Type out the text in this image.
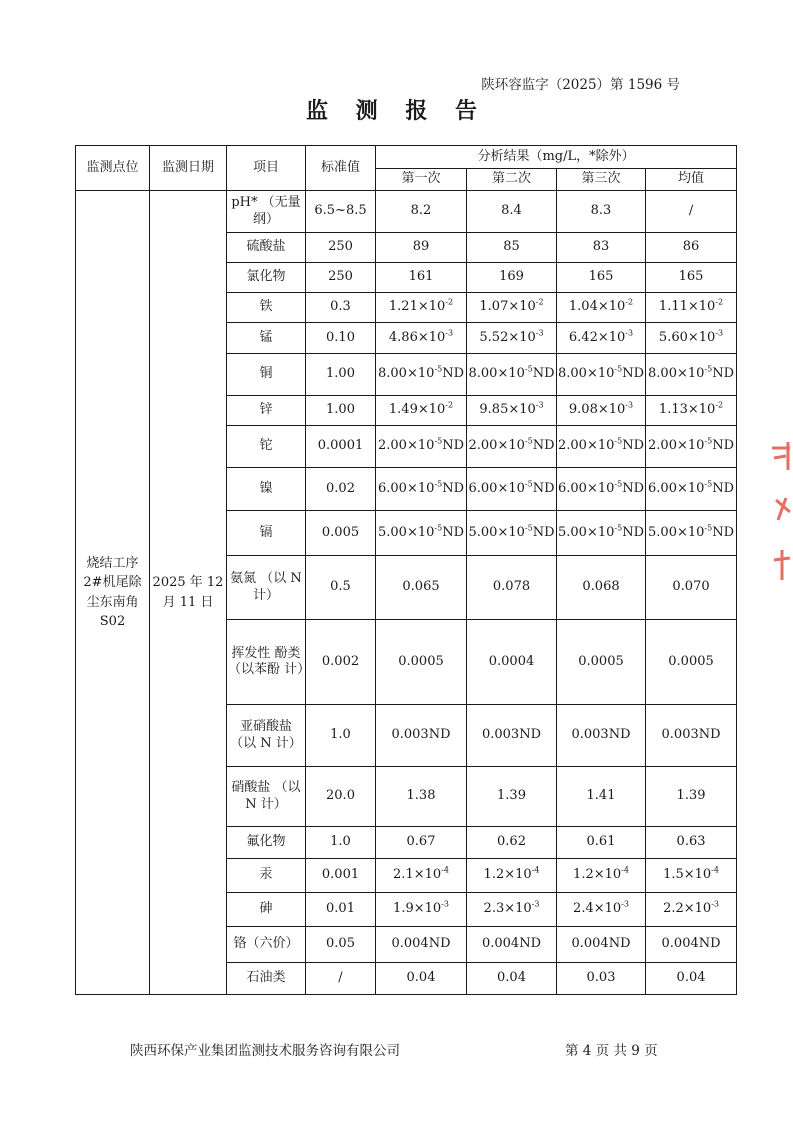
陕环容监字（2025）第 1596 号
监 测 报 告
监测点位	监测日期	项目	标准值	分析结果（mg/L，*除外）			
				第一次	第二次	第三次	均值
烧结工序 2#机尾除 尘东南角 S02	2025 年 12 月 11 日	pH* （无量纲）	6.5~8.5	8.2	8.4	8.3	/
		硫酸盐	250	89	85	83	86
		氯化物	250	161	169	165	165
		铁	0.3	$1.21\times 10^{-2}$	$1.07\times 10^{-2}$	$1.04\times 10^{-2}$	$1.11\times 10^{-2}$
		锰	0.10	$4.86\times 10^{-3}$	$5.52\times 10^{-3}$	$6.42\times 10^{-3}$	$5.60\times 10^{-3}$
		铜	1.00	$8.00\times 10^{-5}ND$	$8.00\times 10^{-5}ND$	$8.00\times 10^{-5}ND$	$8.00\times 10^{-5}ND$
		锌	1.00	$1.49\times 10^{-2}$	$9.85\times 10^{-3}$	$9.08\times 10^{-3}$	$1.13\times 10^{-2}$
		铊	0.0001	$2.00\times 10^{-5}ND$	$2.00\times 10^{-5}ND$	$2.00\times 10^{-5}ND$	$2.00\times 10^{-5}ND$
		镍	0.02	$6.00\times 10^{-5}ND$	$6.00\times 10^{-5}ND$	$6.00\times 10^{-5}ND$	$6.00\times 10^{-5}ND$
		镉	0.005	$5.00\times 10^{-5}ND$	$5.00\times 10^{-5}ND$	$5.00\times 10^{-5}ND$	$5.00\times 10^{-5}ND$
		氨氮 （以 N 计）	0.5	0.065	0.078	0.068	0.070
		挥发性 酚类 （以苯酚 计）	0.002	0.0005	0.0004	0.0005	0.0005
		亚硝酸盐 （以 N 计）	1.0	0.003ND	0.003ND	0.003ND	0.003ND
		硝酸盐 （以 N 计）	20.0	1.38	1.39	1.41	1.39
		氟化物	1.0	0.67	0.62	0.61	0.63
		汞	0.001	$2.1\times 10^{-4}$	$1.2\times 10^{-4}$	$1.2\times 10^{-4}$	$1.5\times 10^{-4}$
		砷	0.01	$1.9\times 10^{-3}$	$2.3\times 10^{-3}$	$2.4\times 10^{-3}$	$2.2\times 10^{-3}$
		铬（六价）	0.05	0.004ND	0.004ND	0.004ND	0.004ND
		石油类	/	0.04	0.04	0.03	0.04
陕西环保产业集团监测技术服务咨询有限公司	第 4 页 共 9 页
